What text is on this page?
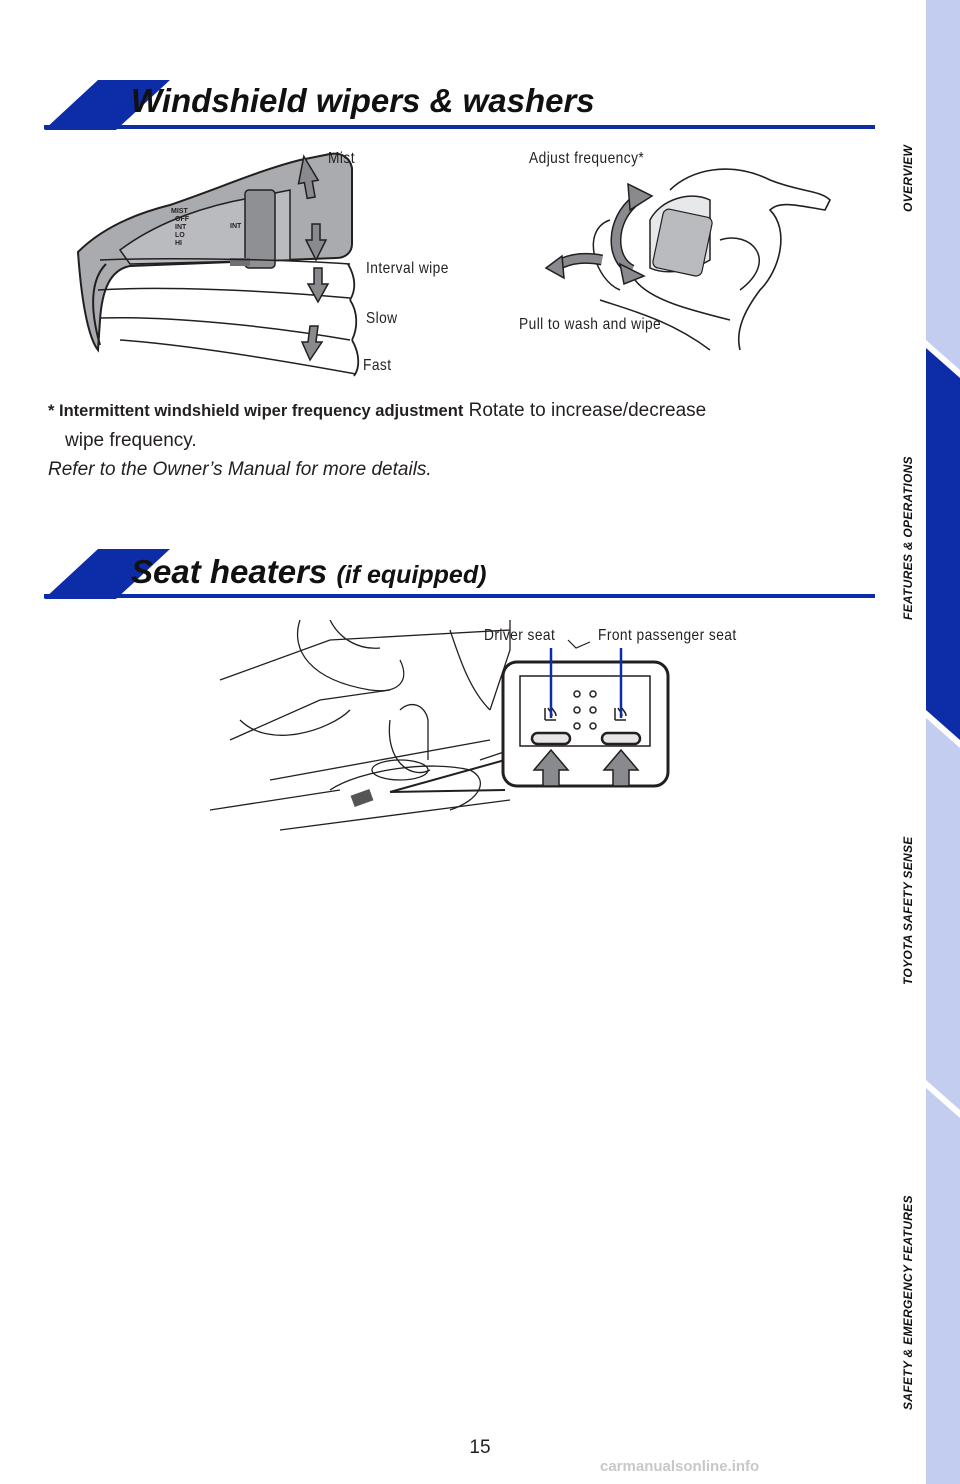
Windshield wipers & washers
MIST
OFF
INT
LO
HI
INT
Mist
Interval wipe
Slow
Fast
Adjust frequency*
Pull to wash and wipe
* Intermittent windshield wiper frequency adjustment Rotate to increase/decrease
wipe frequency.
Refer to the Owner’s Manual for more details.
Seat heaters (if equipped)
Driver seat	Front passenger seat
OVERVIEW
FEATURES & OPERATIONS
TOYOTA SAFETY SENSE
SAFETY & EMERGENCY FEATURES
15
carmanualsonline.info
